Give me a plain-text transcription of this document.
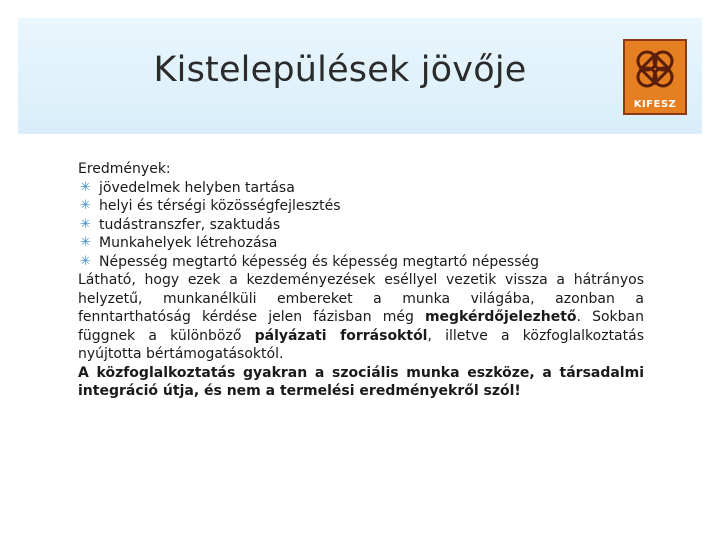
Kistelepülések jövője
KIFESZ

Eredmények:

✳ jövedelmek helyben tartása
✳ helyi és térségi közösségfejlesztés
✳ tudástranszfer, szaktudás
✳ Munkahelyek létrehozása
✳ Népesség megtartó képesség és képesség megtartó népesség

Látható, hogy ezek a kezdeményezések eséllyel vezetik vissza a hátrányos helyzetű, munkanélküli embereket a munka világába, azonban a fenntarthatóság kérdése jelen fázisban még megkérdőjelezhető. Sokban függnek a különböző pályázati forrásoktól, illetve a közfoglalkoztatás nyújtotta bértámogatásoktól.

A közfoglalkoztatás gyakran a szociális munka eszköze, a társadalmi integráció útja, és nem a termelési eredményekről szól!
